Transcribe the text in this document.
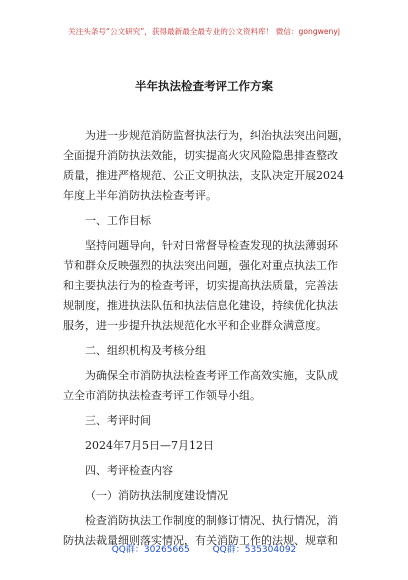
关注头条号“公文研究”，获得最新最全最专业的公文资料库！ 微信：gongwenyj
半年执法检查考评工作方案
为进一步规范消防监督执法行为，纠治执法突出问题，
全面提升消防执法效能，切实提高火灾风险隐患排查整改
质量，推进严格规范、公正文明执法，支队决定开展2024
年度上半年消防执法检查考评。
一、工作目标
坚持问题导向，针对日常督导检查发现的执法薄弱环
节和群众反映强烈的执法突出问题，强化对重点执法工作
和主要执法行为的检查考评，切实提高执法质量，完善法
规制度，推进执法队伍和执法信息化建设，持续优化执法
服务，进一步提升执法规范化水平和企业群众满意度。
二、组织机构及考核分组
为确保全市消防执法检查考评工作高效实施，支队成
立全市消防执法检查考评工作领导小组。
三、考评时间
2024年7月5日—7月12日
四、考评检查内容
（一）消防执法制度建设情况
检查消防执法工作制度的制修订情况、执行情况，消
防执法裁量细则落实情况，有关消防工作的法规、规章和
QQ群：30265665	QQ群：535304092
